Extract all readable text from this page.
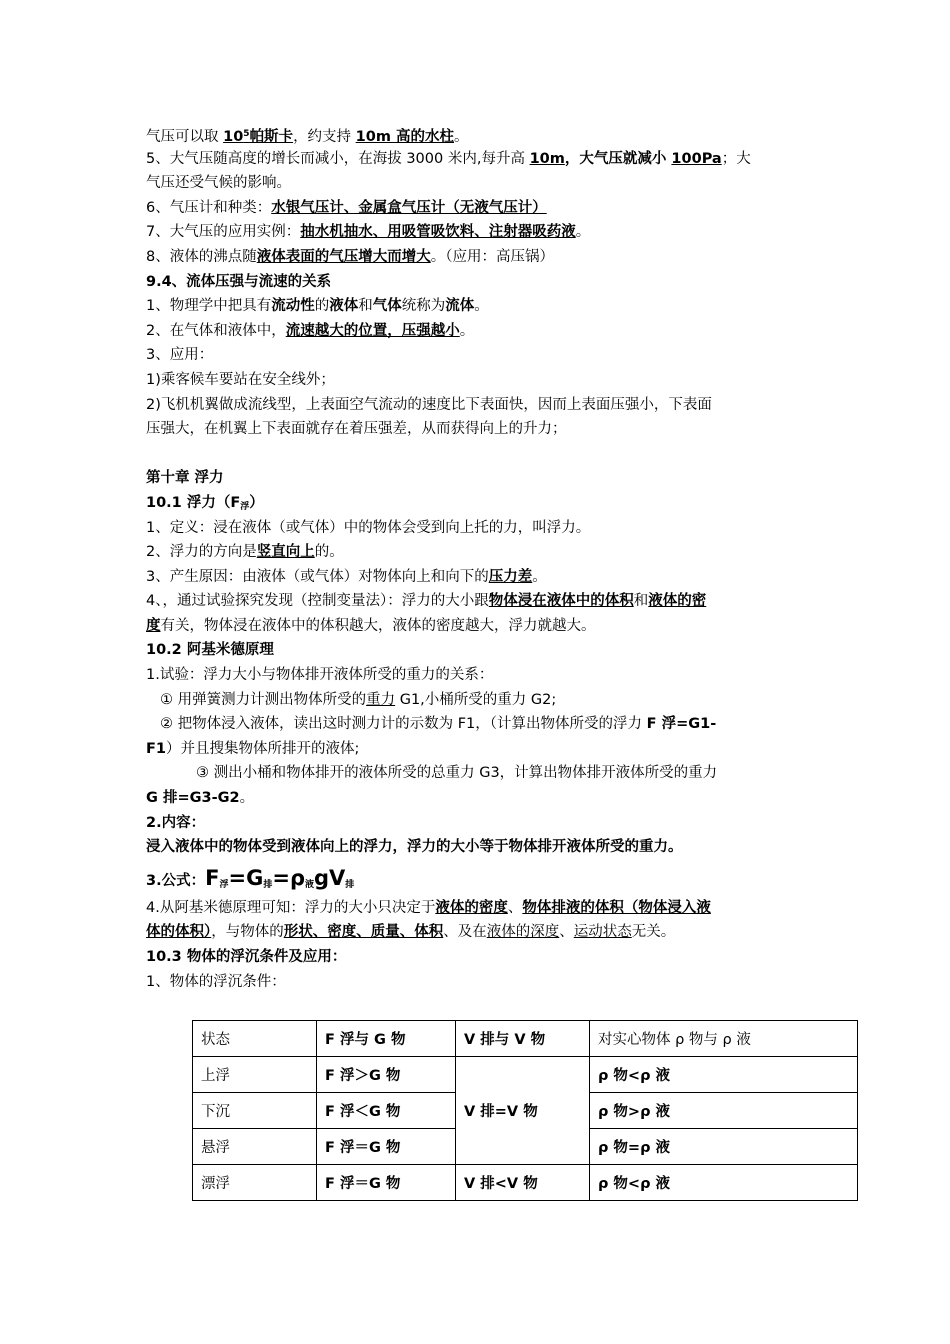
气压可以取 $10^5$帕斯卡，约支持 10m 高的水柱。
5、大气压随高度的增长而减小，在海拔 3000 米内,每升高 10m，大气压就减小 100Pa；大
气压还受气候的影响。
6、气压计和种类：水银气压计、金属盒气压计（无液气压计）
7、大气压的应用实例：抽水机抽水、用吸管吸饮料、注射器吸药液。
8、液体的沸点随液体表面的气压增大而增大。（应用：高压锅）
9.4、流体压强与流速的关系
1、物理学中把具有流动性的液体和气体统称为流体。
2、在气体和液体中，流速越大的位置，压强越小。
3、应用：
1)乘客候车要站在安全线外；
2)飞机机翼做成流线型，上表面空气流动的速度比下表面快，因而上表面压强小，下表面
压强大，在机翼上下表面就存在着压强差，从而获得向上的升力；
第十章 浮力
10.1 浮力（F浮）
1、定义：浸在液体（或气体）中的物体会受到向上托的力，叫浮力。
2、浮力的方向是竖直向上的。
3、产生原因：由液体（或气体）对物体向上和向下的压力差。
4、，通过试验探究发现（控制变量法）：浮力的大小跟物体浸在液体中的体积和液体的密
度有关，物体浸在液体中的体积越大，液体的密度越大，浮力就越大。
10.2 阿基米德原理
1.试验：浮力大小与物体排开液体所受的重力的关系：
① 用弹簧测力计测出物体所受的重力 G1,小桶所受的重力 G2;
② 把物体浸入液体，读出这时测力计的示数为 F1，（计算出物体所受的浮力 F 浮=G1-
F1）并且搜集物体所排开的液体;
③ 测出小桶和物体排开的液体所受的总重力 G3，计算出物体排开液体所受的重力
G 排=G3-G2。
2.内容：
浸入液体中的物体受到液体向上的浮力，浮力的大小等于物体排开液体所受的重力。
3.公式：F浮=G排=ρ液gV排
4.从阿基米德原理可知：浮力的大小只决定于液体的密度、物体排液的体积（物体浸入液
体的体积），与物体的形状、密度、质量、体积、及在液体的深度、运动状态无关。
10.3 物体的浮沉条件及应用：
1、物体的浮沉条件：
状态	F 浮与 G 物	V 排与 V 物	对实心物体 ρ 物与 ρ 液
上浮	F 浮＞G 物	V 排=V 物	ρ 物<ρ 液
下沉	F 浮＜G 物		ρ 物>ρ 液
悬浮	F 浮＝G 物		ρ 物=ρ 液
漂浮	F 浮＝G 物	V 排<V 物	ρ 物<ρ 液
